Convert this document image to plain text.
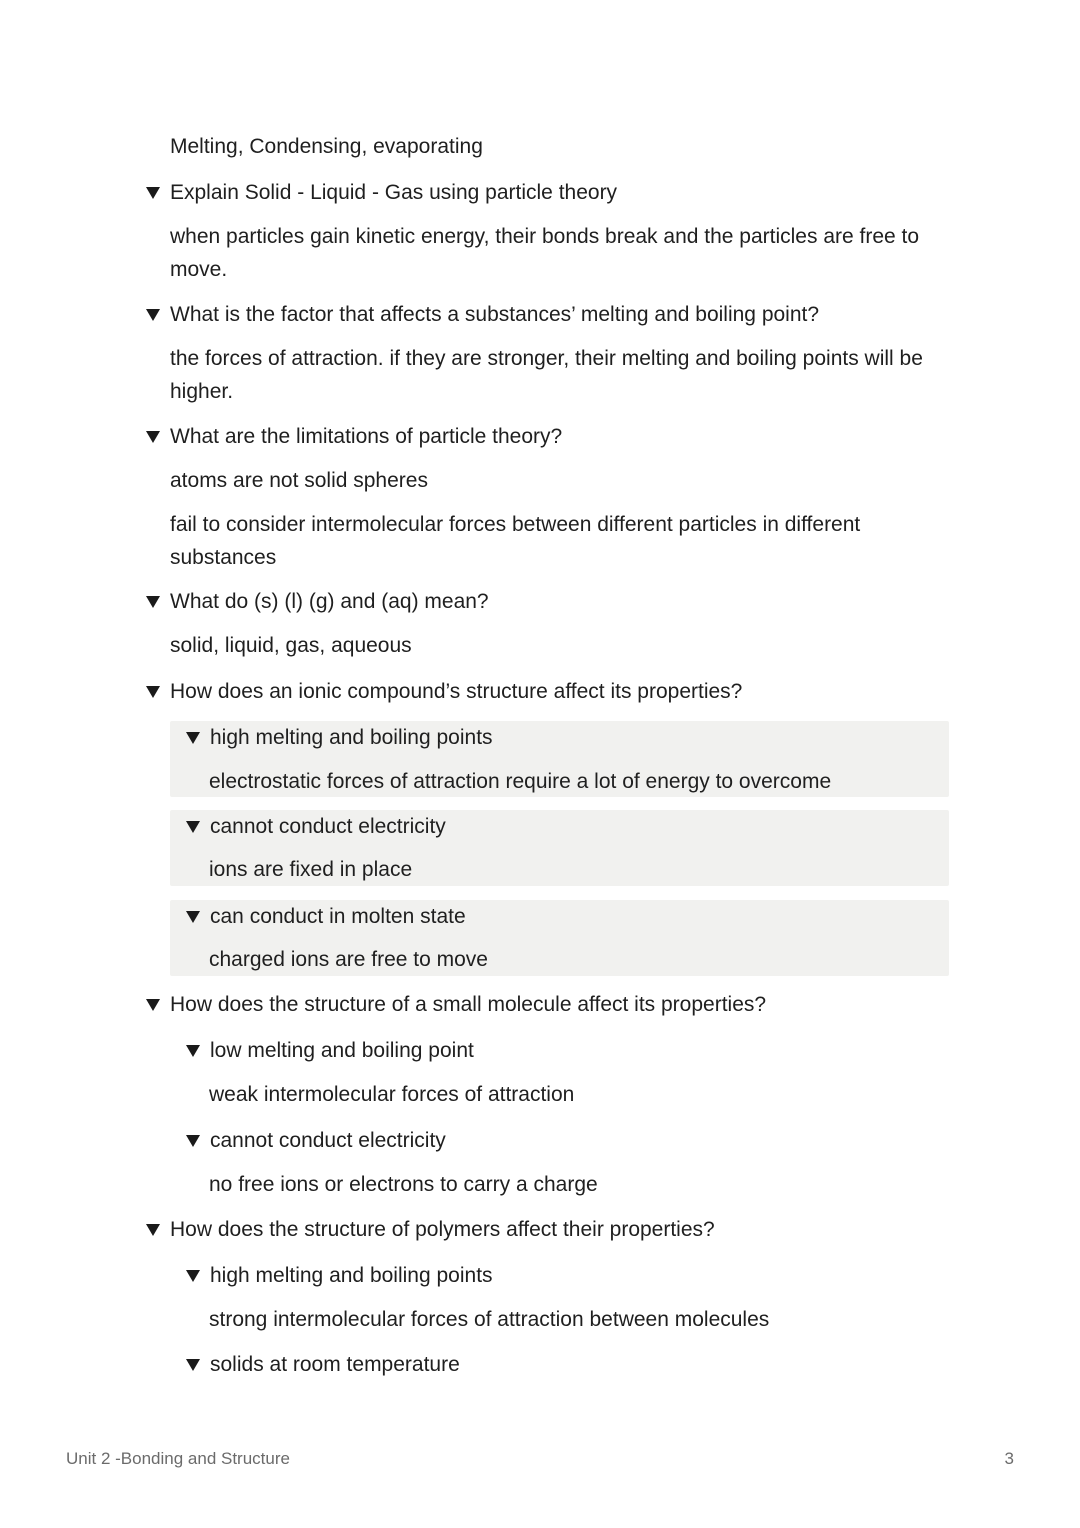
Melting, Condensing, evaporating
Explain Solid - Liquid - Gas using particle theory
when particles gain kinetic energy, their bonds break and the particles are free to move.
What is the factor that affects a substances’ melting and boiling point?
the forces of attraction. if they are stronger, their melting and boiling points will be higher.
What are the limitations of particle theory?
atoms are not solid spheres
fail to consider intermolecular forces between different particles in different substances
What do (s) (l) (g) and (aq) mean?
solid, liquid, gas, aqueous
How does an ionic compound’s structure affect its properties?
high melting and boiling points
electrostatic forces of attraction require a lot of energy to overcome
cannot conduct electricity
ions are fixed in place
can conduct in molten state
charged ions are free to move
How does the structure of a small molecule affect its properties?
low melting and boiling point
weak intermolecular forces of attraction
cannot conduct electricity
no free ions or electrons to carry a charge
How does the structure of polymers affect their properties?
high melting and boiling points
strong intermolecular forces of attraction between molecules
solids at room temperature
Unit 2 -Bonding and Structure	3
